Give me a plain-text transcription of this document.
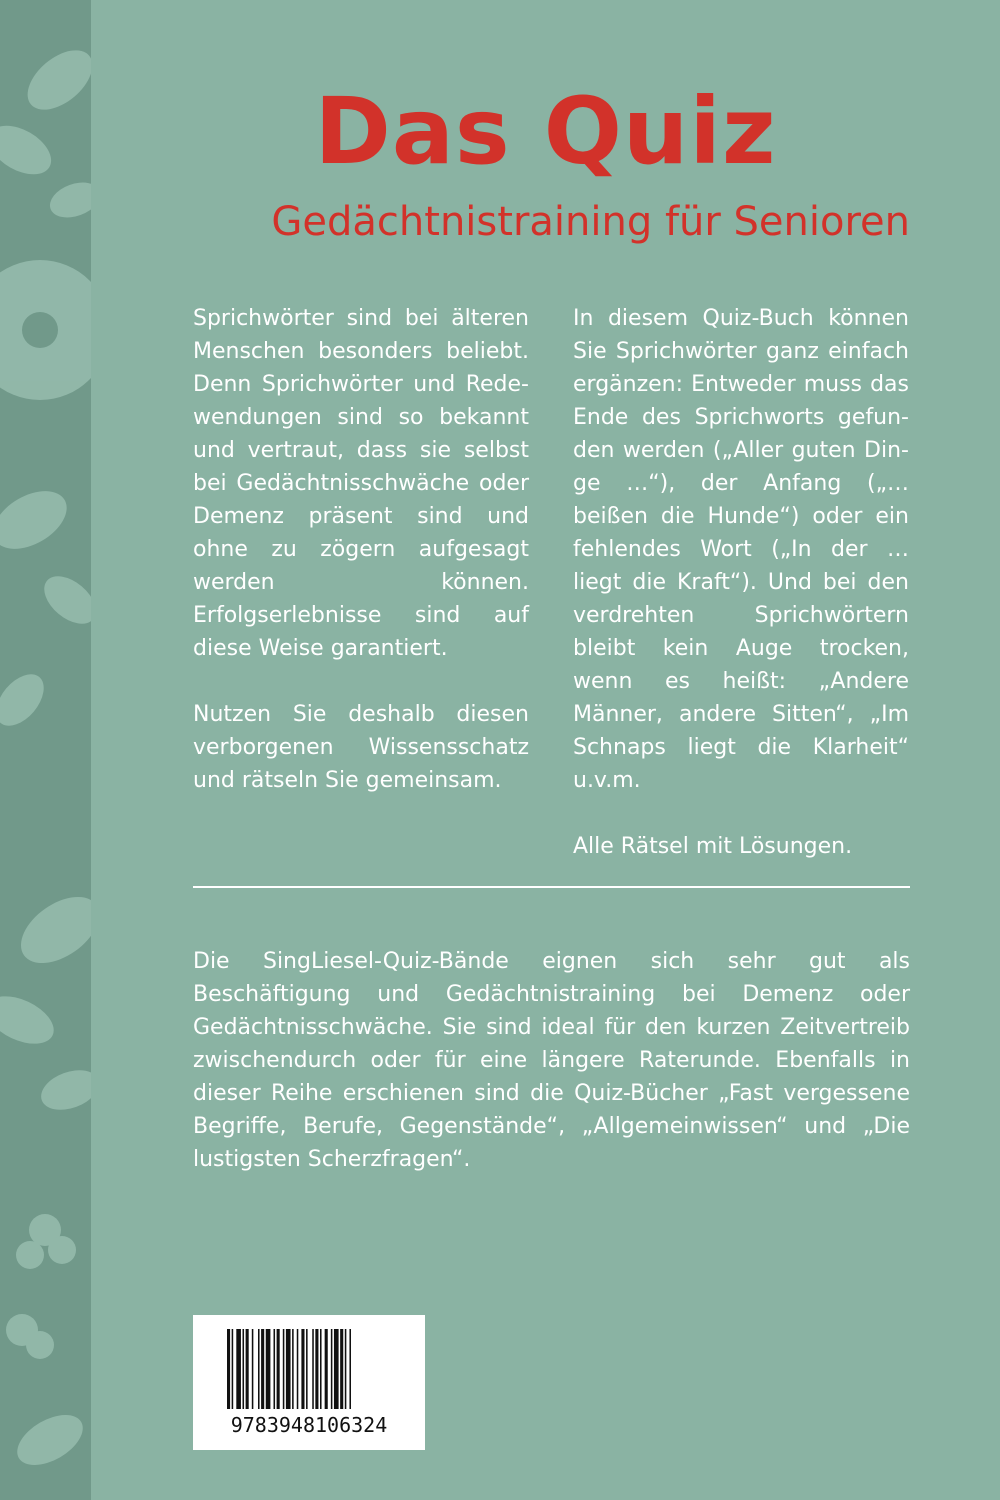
Das Quiz
Gedächtnistraining für Senioren

Sprichwörter sind bei älteren Menschen besonders beliebt. Denn Sprichwörter und Redewendungen sind so bekannt und vertraut, dass sie selbst bei Gedächtnisschwäche oder Demenz präsent sind und ohne zu zögern aufgesagt werden können. Erfolgserlebnisse sind auf diese Weise garantiert.

Nutzen Sie deshalb diesen verborgenen Wissensschatz und rätseln Sie gemeinsam.

In diesem Quiz-Buch können Sie Sprichwörter ganz einfach ergänzen: Entweder muss das Ende des Sprichworts gefunden werden („Aller guten Dinge …“), der Anfang („… beißen die Hunde“) oder ein fehlendes Wort („In der … liegt die Kraft“). Und bei den verdrehten Sprichwörtern bleibt kein Auge trocken, wenn es heißt: „Andere Männer, andere Sitten“, „Im Schnaps liegt die Klarheit“ u.v.m.

Alle Rätsel mit Lösungen.

Die SingLiesel-Quiz-Bände eignen sich sehr gut als Beschäftigung und Gedächtnistraining bei Demenz oder Gedächtnisschwäche. Sie sind ideal für den kurzen Zeitvertreib zwischendurch oder für eine längere Raterunde. Ebenfalls in dieser Reihe erschienen sind die Quiz-Bücher „Fast vergessene Begriffe, Berufe, Gegenstände“, „Allgemeinwissen“ und „Die lustigsten Scherzfragen“.
9783948106324
